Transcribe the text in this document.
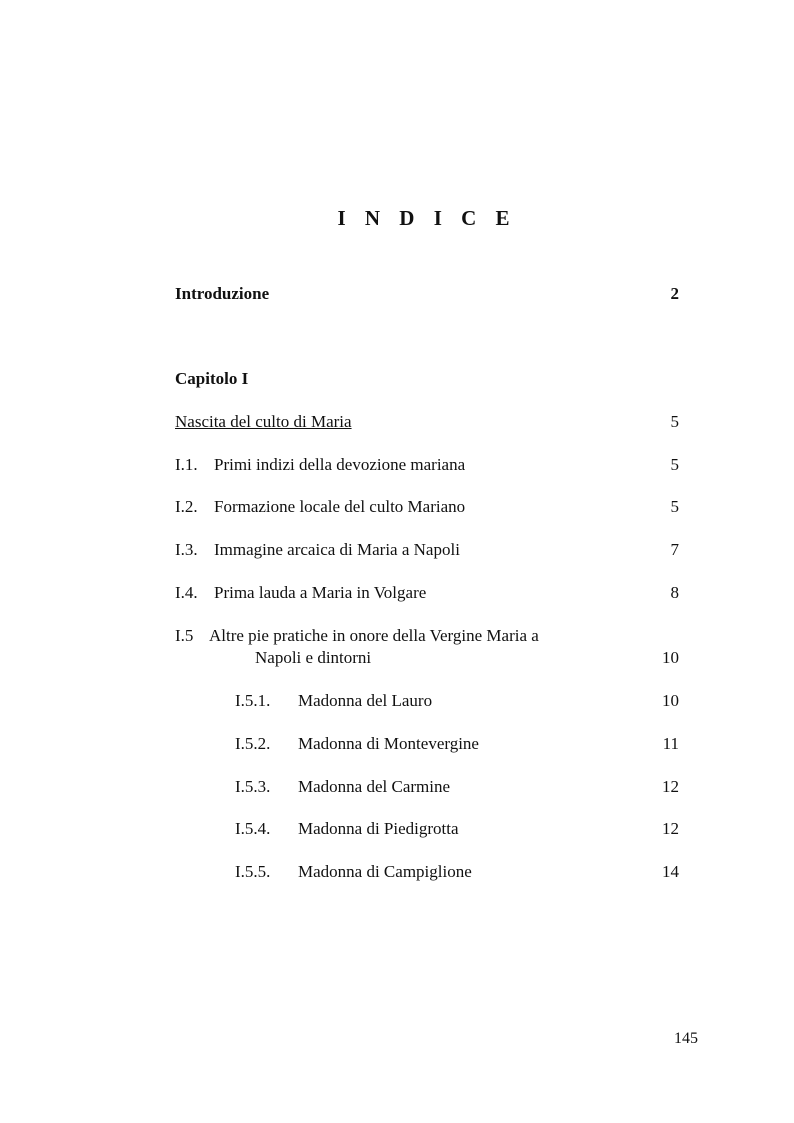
I N D I C E
Introduzione	2
Capitolo I
Nascita del culto di Maria	5
I.1. Primi indizi della devozione mariana	5
I.2. Formazione locale del culto Mariano	5
I.3. Immagine arcaica di Maria a Napoli	7
I.4. Prima lauda a Maria in Volgare	8
I.5 Altre pie pratiche in onore della Vergine Maria a
Napoli e dintorni	10
I.5.1. Madonna del Lauro	10
I.5.2. Madonna di Montevergine	11
I.5.3. Madonna del Carmine	12
I.5.4. Madonna di Piedigrotta	12
I.5.5. Madonna di Campiglione	14
145
